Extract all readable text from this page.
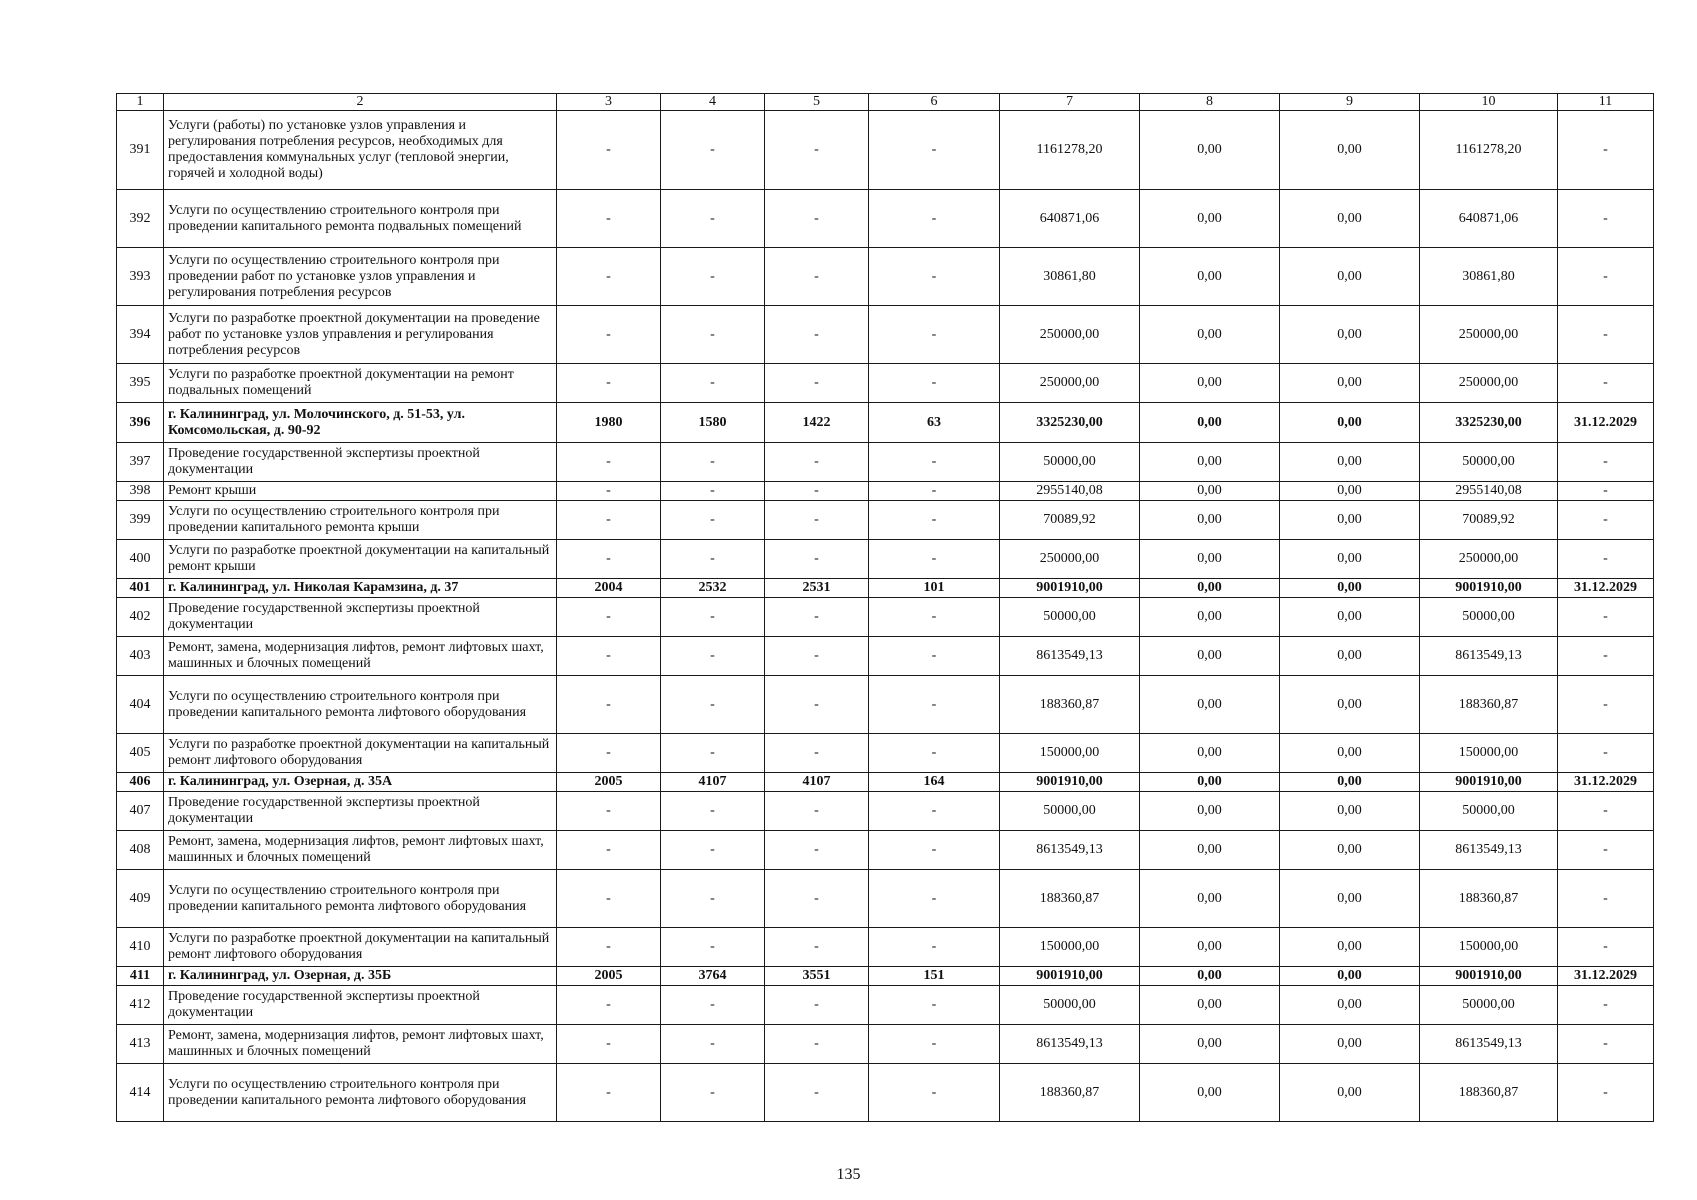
1	2	3	4	5	6	7	8	9	10	11
391	Услуги (работы) по установке узлов управления и регулирования потребления ресурсов, необходимых для предоставления коммунальных услуг (тепловой энергии, горячей и холодной воды)	-	-	-	-	1161278,20	0,00	0,00	1161278,20	-
392	Услуги по осуществлению строительного контроля при проведении капитального ремонта подвальных помещений	-	-	-	-	640871,06	0,00	0,00	640871,06	-
393	Услуги по осуществлению строительного контроля при проведении работ по установке узлов управления и регулирования потребления ресурсов	-	-	-	-	30861,80	0,00	0,00	30861,80	-
394	Услуги по разработке проектной документации на проведение работ по установке узлов управления и регулирования потребления ресурсов	-	-	-	-	250000,00	0,00	0,00	250000,00	-
395	Услуги по разработке проектной документации на ремонт подвальных помещений	-	-	-	-	250000,00	0,00	0,00	250000,00	-
396	г. Калининград, ул. Молочинского, д. 51-53, ул. Комсомольская, д. 90-92	1980	1580	1422	63	3325230,00	0,00	0,00	3325230,00	31.12.2029
397	Проведение государственной экспертизы проектной документации	-	-	-	-	50000,00	0,00	0,00	50000,00	-
398	Ремонт крыши	-	-	-	-	2955140,08	0,00	0,00	2955140,08	-
399	Услуги по осуществлению строительного контроля при проведении капитального ремонта крыши	-	-	-	-	70089,92	0,00	0,00	70089,92	-
400	Услуги по разработке проектной документации на капитальный ремонт крыши	-	-	-	-	250000,00	0,00	0,00	250000,00	-
401	г. Калининград, ул. Николая Карамзина, д. 37	2004	2532	2531	101	9001910,00	0,00	0,00	9001910,00	31.12.2029
402	Проведение государственной экспертизы проектной документации	-	-	-	-	50000,00	0,00	0,00	50000,00	-
403	Ремонт, замена, модернизация лифтов, ремонт лифтовых шахт, машинных и блочных помещений	-	-	-	-	8613549,13	0,00	0,00	8613549,13	-
404	Услуги по осуществлению строительного контроля при проведении капитального ремонта лифтового оборудования	-	-	-	-	188360,87	0,00	0,00	188360,87	-
405	Услуги по разработке проектной документации на капитальный ремонт лифтового оборудования	-	-	-	-	150000,00	0,00	0,00	150000,00	-
406	г. Калининград, ул. Озерная, д. 35А	2005	4107	4107	164	9001910,00	0,00	0,00	9001910,00	31.12.2029
407	Проведение государственной экспертизы проектной документации	-	-	-	-	50000,00	0,00	0,00	50000,00	-
408	Ремонт, замена, модернизация лифтов, ремонт лифтовых шахт, машинных и блочных помещений	-	-	-	-	8613549,13	0,00	0,00	8613549,13	-
409	Услуги по осуществлению строительного контроля при проведении капитального ремонта лифтового оборудования	-	-	-	-	188360,87	0,00	0,00	188360,87	-
410	Услуги по разработке проектной документации на капитальный ремонт лифтового оборудования	-	-	-	-	150000,00	0,00	0,00	150000,00	-
411	г. Калининград, ул. Озерная, д. 35Б	2005	3764	3551	151	9001910,00	0,00	0,00	9001910,00	31.12.2029
412	Проведение государственной экспертизы проектной документации	-	-	-	-	50000,00	0,00	0,00	50000,00	-
413	Ремонт, замена, модернизация лифтов, ремонт лифтовых шахт, машинных и блочных помещений	-	-	-	-	8613549,13	0,00	0,00	8613549,13	-
414	Услуги по осуществлению строительного контроля при проведении капитального ремонта лифтового оборудования	-	-	-	-	188360,87	0,00	0,00	188360,87	-
135
